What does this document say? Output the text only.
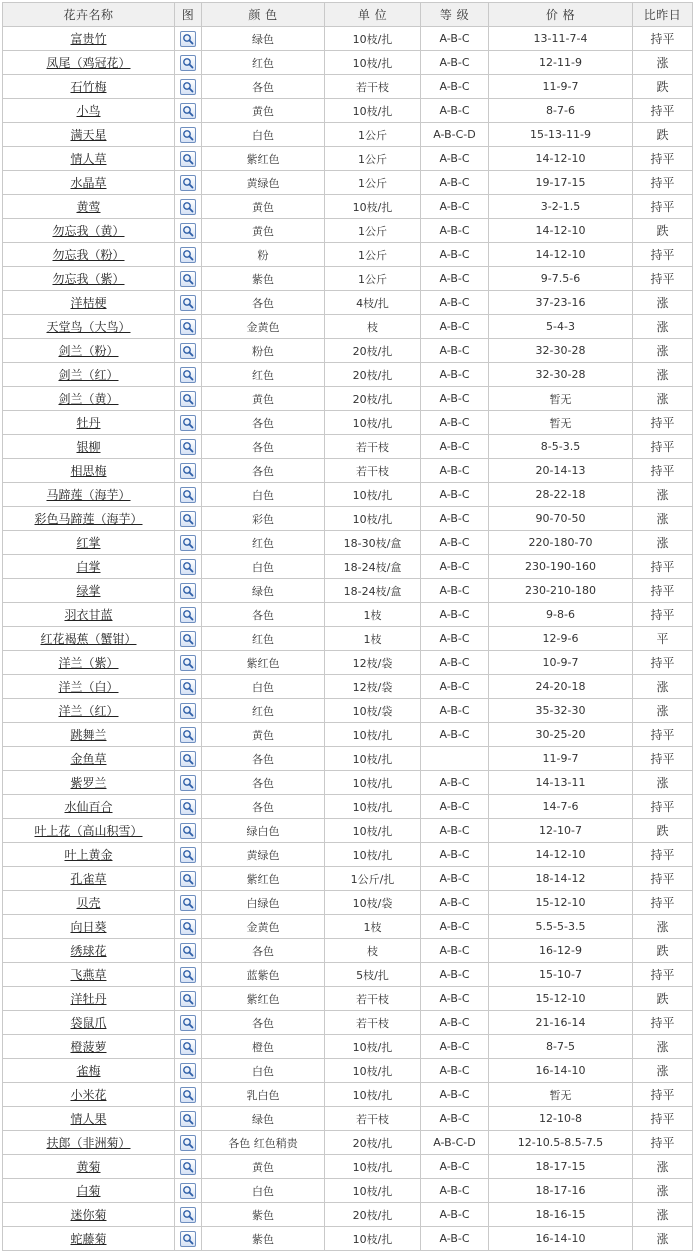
花卉名称	图	颜 色	单 位	等 级	价 格	比昨日
富贵竹		绿色	10枝/扎	A-B-C	13-11-7-4	持平
凤尾（鸡冠花）		红色	10枝/扎	A-B-C	12-11-9	涨
石竹梅		各色	若干枝	A-B-C	11-9-7	跌
小鸟		黄色	10枝/扎	A-B-C	8-7-6	持平
满天星		白色	1公斤	A-B-C-D	15-13-11-9	跌
情人草		紫红色	1公斤	A-B-C	14-12-10	持平
水晶草		黄绿色	1公斤	A-B-C	19-17-15	持平
黄莺		黄色	10枝/扎	A-B-C	3-2-1.5	持平
勿忘我（黄）		黄色	1公斤	A-B-C	14-12-10	跌
勿忘我（粉）		粉	1公斤	A-B-C	14-12-10	持平
勿忘我（紫）		紫色	1公斤	A-B-C	9-7.5-6	持平
洋桔梗		各色	4枝/扎	A-B-C	37-23-16	涨
天堂鸟（大鸟）		金黄色	枝	A-B-C	5-4-3	涨
剑兰（粉）		粉色	20枝/扎	A-B-C	32-30-28	涨
剑兰（红）		红色	20枝/扎	A-B-C	32-30-28	涨
剑兰（黄）		黄色	20枝/扎	A-B-C	暂无	涨
牡丹		各色	10枝/扎	A-B-C	暂无	持平
银柳		各色	若干枝	A-B-C	8-5-3.5	持平
相思梅		各色	若干枝	A-B-C	20-14-13	持平
马蹄莲（海芋）		白色	10枝/扎	A-B-C	28-22-18	涨
彩色马蹄莲（海芋）		彩色	10枝/扎	A-B-C	90-70-50	涨
红掌		红色	18-30枝/盒	A-B-C	220-180-70	涨
白掌		白色	18-24枝/盒	A-B-C	230-190-160	持平
绿掌		绿色	18-24枝/盒	A-B-C	230-210-180	持平
羽衣甘蓝		各色	1枝	A-B-C	9-8-6	持平
红花褐蕉（蟹钳）		红色	1枝	A-B-C	12-9-6	平
洋兰（紫）		紫红色	12枝/袋	A-B-C	10-9-7	持平
洋兰（白）		白色	12枝/袋	A-B-C	24-20-18	涨
洋兰（红）		红色	10枝/袋	A-B-C	35-32-30	涨
跳舞兰		黄色	10枝/扎	A-B-C	30-25-20	持平
金鱼草		各色	10枝/扎		11-9-7	持平
紫罗兰		各色	10枝/扎	A-B-C	14-13-11	涨
水仙百合		各色	10枝/扎	A-B-C	14-7-6	持平
叶上花（高山积雪）		绿白色	10枝/扎	A-B-C	12-10-7	跌
叶上黄金		黄绿色	10枝/扎	A-B-C	14-12-10	持平
孔雀草		紫红色	1公斤/扎	A-B-C	18-14-12	持平
贝壳		白绿色	10枝/袋	A-B-C	15-12-10	持平
向日葵		金黄色	1枝	A-B-C	5.5-5-3.5	涨
绣球花		各色	枝	A-B-C	16-12-9	跌
飞燕草		蓝紫色	5枝/扎	A-B-C	15-10-7	持平
洋牡丹		紫红色	若干枝	A-B-C	15-12-10	跌
袋鼠爪		各色	若干枝	A-B-C	21-16-14	持平
橙菠萝		橙色	10枝/扎	A-B-C	8-7-5	涨
雀梅		白色	10枝/扎	A-B-C	16-14-10	涨
小米花		乳白色	10枝/扎	A-B-C	暂无	持平
情人果		绿色	若干枝	A-B-C	12-10-8	持平
扶郎（非洲菊）		各色 红色稍贵	20枝/扎	A-B-C-D	12-10.5-8.5-7.5	持平
黄菊		黄色	10枝/扎	A-B-C	18-17-15	涨
白菊		白色	10枝/扎	A-B-C	18-17-16	涨
迷你菊		紫色	20枝/扎	A-B-C	18-16-15	涨
蛇藤菊		紫色	10枝/扎	A-B-C	16-14-10	涨
